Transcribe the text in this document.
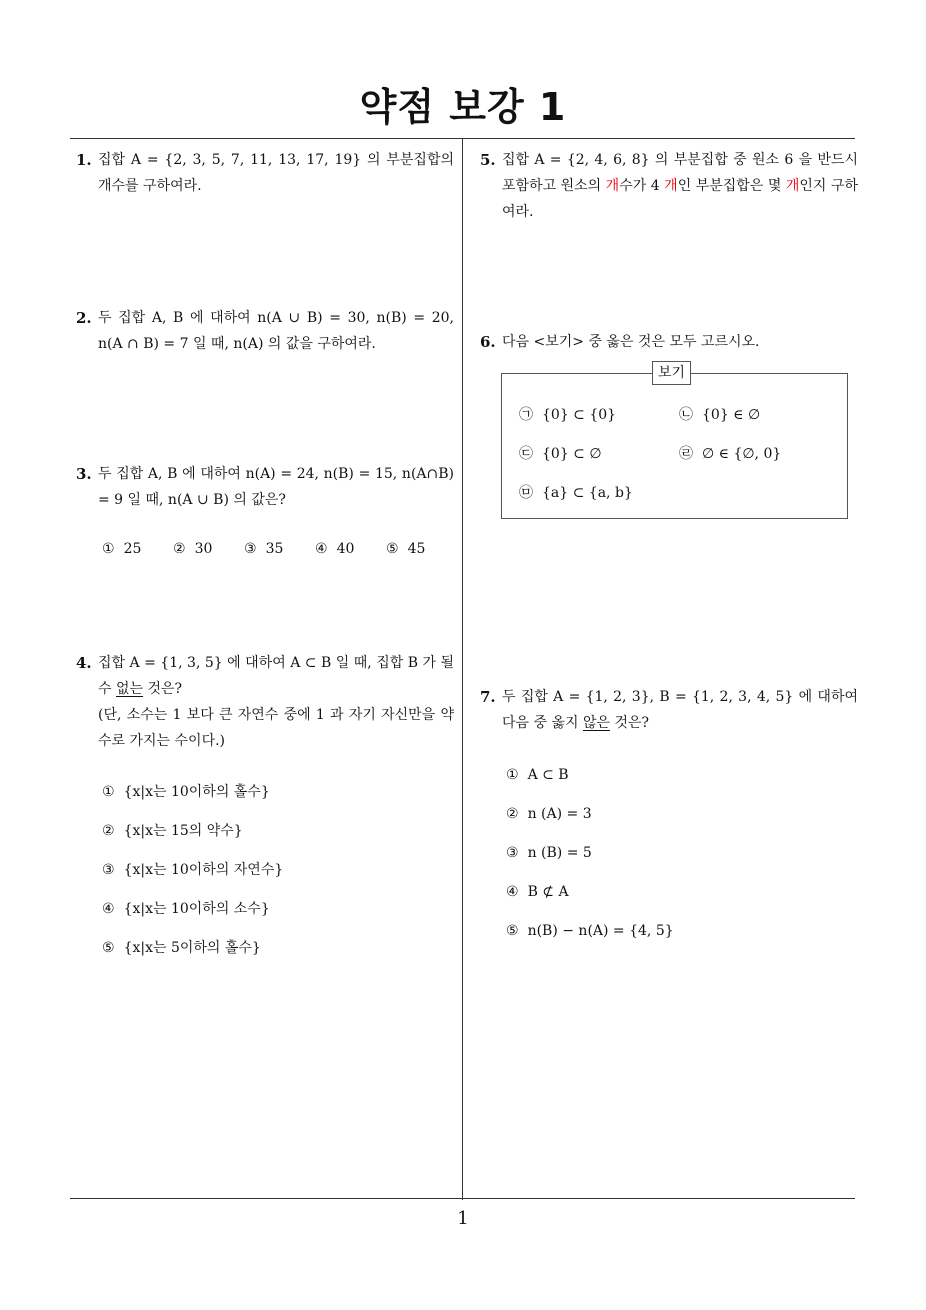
약점 보강 1
1
1. 집합 A = {2, 3, 5, 7, 11, 13, 17, 19} 의 부분집합의 개수를 구하여라.
2. 두 집합 A, B 에 대하여 n(A ∪ B) = 30, n(B) = 20, n(A ∩ B) = 7 일 때, n(A) 의 값을 구하여라.
3. 두 집합 A, B 에 대하여 n(A) = 24, n(B) = 15, n(A∩B) = 9 일 때, n(A ∪ B) 의 값은?
① 25	② 30	③ 35	④ 40	⑤ 45
4. 집합 A = {1, 3, 5} 에 대하여 A ⊂ B 일 때, 집합 B 가 될 수 없는 것은?

(단, 소수는 1 보다 큰 자연수 중에 1 과 자기 자신만을 약수로 가지는 수이다.)

① {x|x는 10이하의 홀수}
② {x|x는 15의 약수}
③ {x|x는 10이하의 자연수}
④ {x|x는 10이하의 소수}
⑤ {x|x는 5이하의 홀수}
5. 집합 A = {2, 4, 6, 8} 의 부분집합 중 원소 6 을 반드시 포함하고 원소의 개수가 4 개인 부분집합은 몇 개인지 구하여라.
6. 다음 <보기> 중 옳은 것은 모두 고르시오.
보기
㉠ {0} ⊂ {0}	㉡ {0} ∈ ∅
㉢ {0} ⊂ ∅	㉣ ∅ ∈ {∅, 0}
㉤ {a} ⊂ {a, b}
7. 두 집합 A = {1, 2, 3}, B = {1, 2, 3, 4, 5} 에 대하여 다음 중 옳지 않은 것은?
① A ⊂ B
② n (A) = 3
③ n (B) = 5
④ B ⊄ A
⑤ n(B) − n(A) = {4, 5}
